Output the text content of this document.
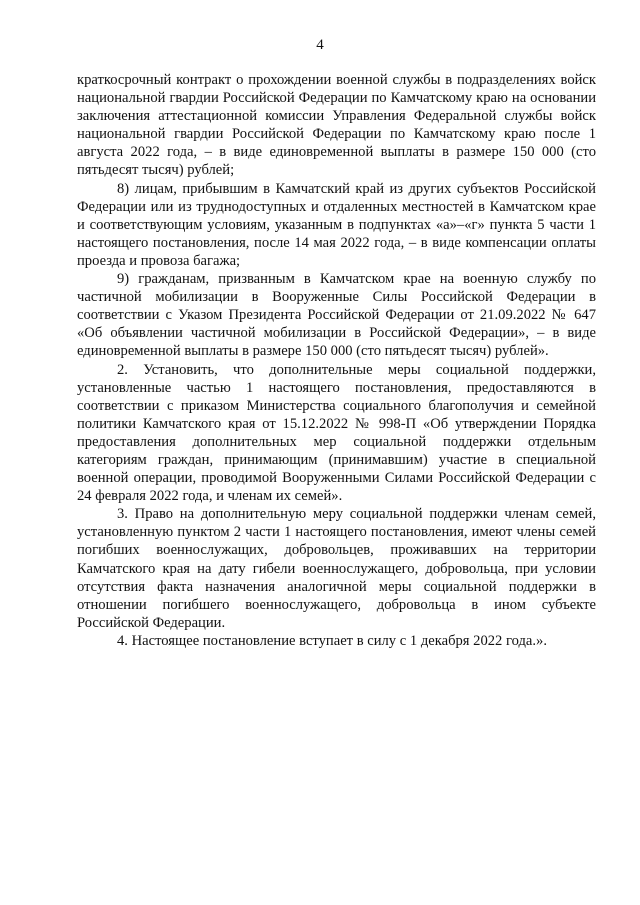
4

краткосрочный контракт о прохождении военной службы в подразделениях войск национальной гвардии Российской Федерации по Камчатскому краю на основании заключения аттестационной комиссии Управления Федеральной службы войск национальной гвардии Российской Федерации по Камчатскому краю после 1 августа 2022 года, – в виде единовременной выплаты в размере 150 000 (сто пятьдесят тысяч) рублей;

8) лицам, прибывшим в Камчатский край из других субъектов Российской Федерации или из труднодоступных и отдаленных местностей в Камчатском крае и соответствующим условиям, указанным в подпунктах «а»–«г» пункта 5 части 1 настоящего постановления, после 14 мая 2022 года, – в виде компенсации оплаты проезда и провоза багажа;

9) гражданам, призванным в Камчатском крае на военную службу по частичной мобилизации в Вооруженные Силы Российской Федерации в соответствии с Указом Президента Российской Федерации от 21.09.2022 № 647 «Об объявлении частичной мобилизации в Российской Федерации», – в виде единовременной выплаты в размере 150 000 (сто пятьдесят тысяч) рублей».

2. Установить, что дополнительные меры социальной поддержки, установленные частью 1 настоящего постановления, предоставляются в соответствии с приказом Министерства социального благополучия и семейной политики Камчатского края от 15.12.2022 № 998-П «Об утверждении Порядка предоставления дополнительных мер социальной поддержки отдельным категориям граждан, принимающим (принимавшим) участие в специальной военной операции, проводимой Вооруженными Силами Российской Федерации с 24 февраля 2022 года, и членам их семей».

3. Право на дополнительную меру социальной поддержки членам семей, установленную пунктом 2 части 1 настоящего постановления, имеют члены семей погибших военнослужащих, добровольцев, проживавших на территории Камчатского края на дату гибели военнослужащего, добровольца, при условии отсутствия факта назначения аналогичной меры социальной поддержки в отношении погибшего военнослужащего, добровольца в ином субъекте Российской Федерации.

4. Настоящее постановление вступает в силу с 1 декабря 2022 года.».
